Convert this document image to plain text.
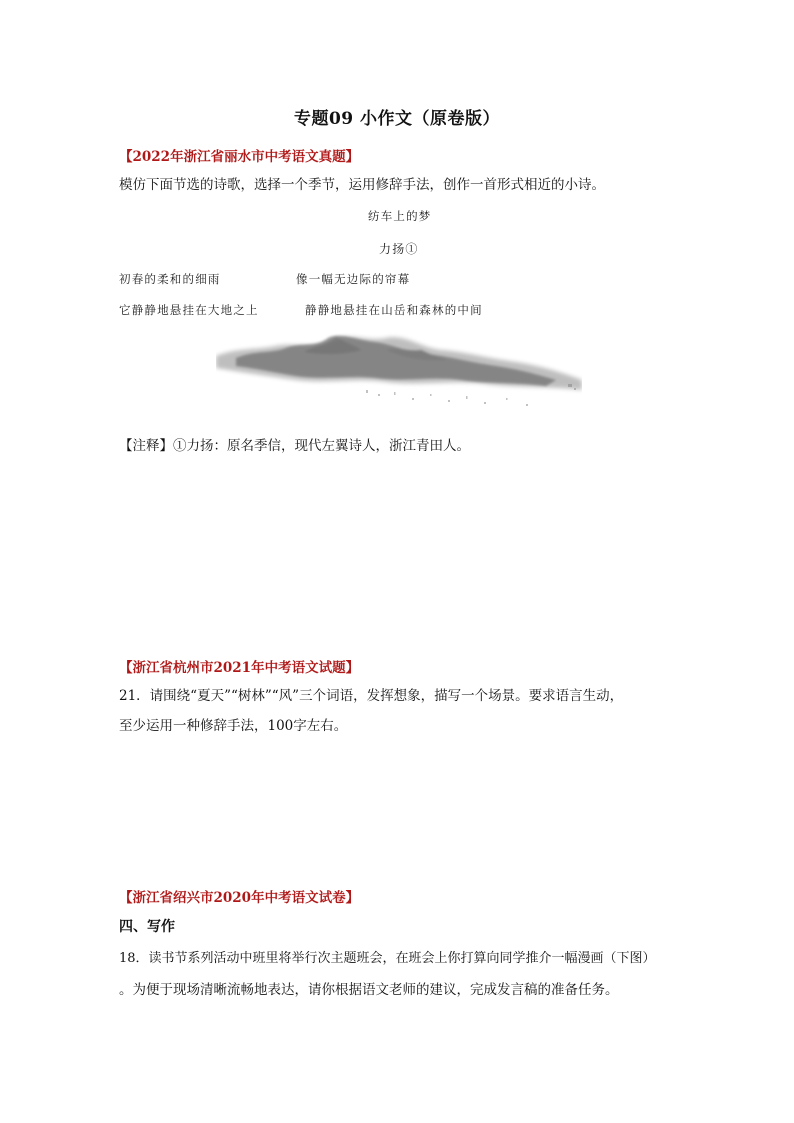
专题09 小作文（原卷版）
【2022年浙江省丽水市中考语文真题】
模仿下面节选的诗歌，选择一个季节，运用修辞手法，创作一首形式相近的小诗。
纺车上的梦
力扬①
初春的柔和的细雨	像一幅无边际的帘幕
它静静地悬挂在大地之上	静静地悬挂在山岳和森林的中间
【注释】①力扬：原名季信，现代左翼诗人，浙江青田人。
【浙江省杭州市2021年中考语文试题】
21．请围绕“夏天”“树林”“风”三个词语，发挥想象，描写一个场景。要求语言生动，
至少运用一种修辞手法，100字左右。
【浙江省绍兴市2020年中考语文试卷】
四、写作
18．读书节系列活动中班里将举行次主题班会，在班会上你打算向同学推介一幅漫画（下图）
。为便于现场清晰流畅地表达，请你根据语文老师的建议，完成发言稿的准备任务。
